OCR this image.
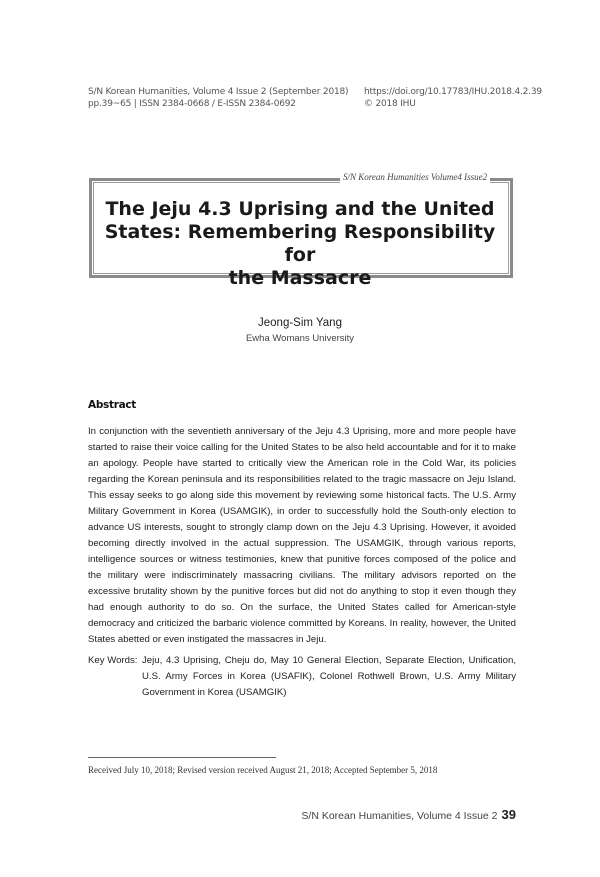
S/N Korean Humanities, Volume 4 Issue 2 (September 2018)
pp.39~65 | ISSN 2384-0668 / E-ISSN 2384-0692
https://doi.org/10.17783/IHU.2018.4.2.39
© 2018 IHU
S/N Korean Humanities Volume4 Issue2
The Jeju 4.3 Uprising and the United
States: Remembering Responsibility for
the Massacre
Jeong-Sim Yang
Ewha Womans University
Abstract
In conjunction with the seventieth anniversary of the Jeju 4.3 Uprising, more and more people have started to raise their voice calling for the United States to be also held accountable and for it to make an apology. People have started to critically view the American role in the Cold War, its policies regarding the Korean peninsula and its responsibilities related to the tragic massacre on Jeju Island. This essay seeks to go along side this movement by reviewing some historical facts. The U.S. Army Military Government in Korea (USAMGIK), in order to successfully hold the South-only election to advance US interests, sought to strongly clamp down on the Jeju 4.3 Uprising. However, it avoided becoming directly involved in the actual suppression. The USAMGIK, through various reports, intelligence sources or witness testimonies, knew that punitive forces composed of the police and the military were indiscriminately massacring civilians. The military advisors reported on the excessive brutality shown by the punitive forces but did not do anything to stop it even though they had enough authority to do so. On the surface, the United States called for American-style democracy and criticized the barbaric violence committed by Koreans. In reality, however, the United States abetted or even instigated the massacres in Jeju.
Key Words: Jeju, 4.3 Uprising, Cheju do, May 10 General Election, Separate Election, Unification, U.S. Army Forces in Korea (USAFIK), Colonel Rothwell Brown, U.S. Army Military Government in Korea (USAMGIK)
Received July 10, 2018; Revised version received August 21, 2018; Accepted September 5, 2018
S/N Korean Humanities, Volume 4 Issue 2 39
